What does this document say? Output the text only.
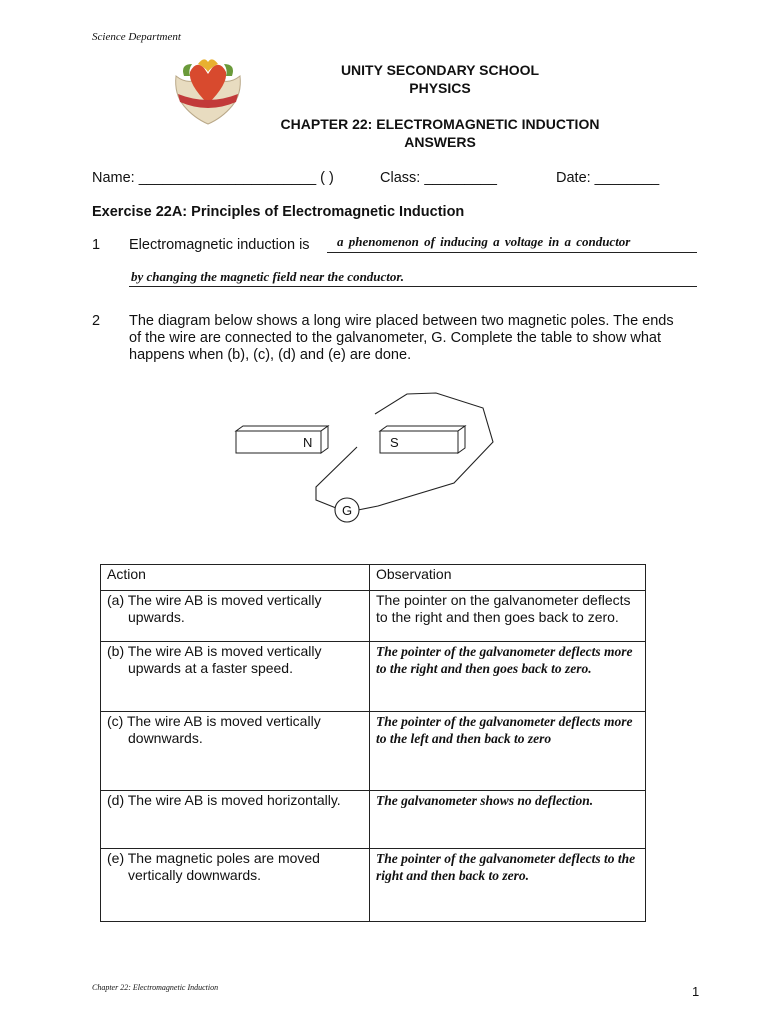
Science Department
UNITY SECONDARY SCHOOL
PHYSICS
CHAPTER 22: ELECTROMAGNETIC INDUCTION
ANSWERS
Name: ______________________ ( )	Class: _________	Date: ________
Exercise 22A: Principles of Electromagnetic Induction
1 Electromagnetic induction is a phenomenon of inducing a voltage in a conductor
by changing the magnetic field near the conductor.
2 The diagram below shows a long wire placed between two magnetic poles. The ends of the wire are connected to the galvanometer, G. Complete the table to show what happens when (b), (c), (d) and (e) are done.
N	S
G
Action	Observation

(a) The wire AB is moved vertically upwards.	The pointer on the galvanometer deflects to the right and then goes back to zero.

(b) The wire AB is moved vertically upwards at a faster speed.	The pointer of the galvanometer deflects more to the right and then goes back to zero.

(c) The wire AB is moved vertically downwards.	The pointer of the galvanometer deflects more to the left and then back to zero

(d) The wire AB is moved horizontally.	The galvanometer shows no deflection.

(e) The magnetic poles are moved vertically downwards.	The pointer of the galvanometer deflects to the right and then back to zero.
Chapter 22: Electromagnetic Induction	1
